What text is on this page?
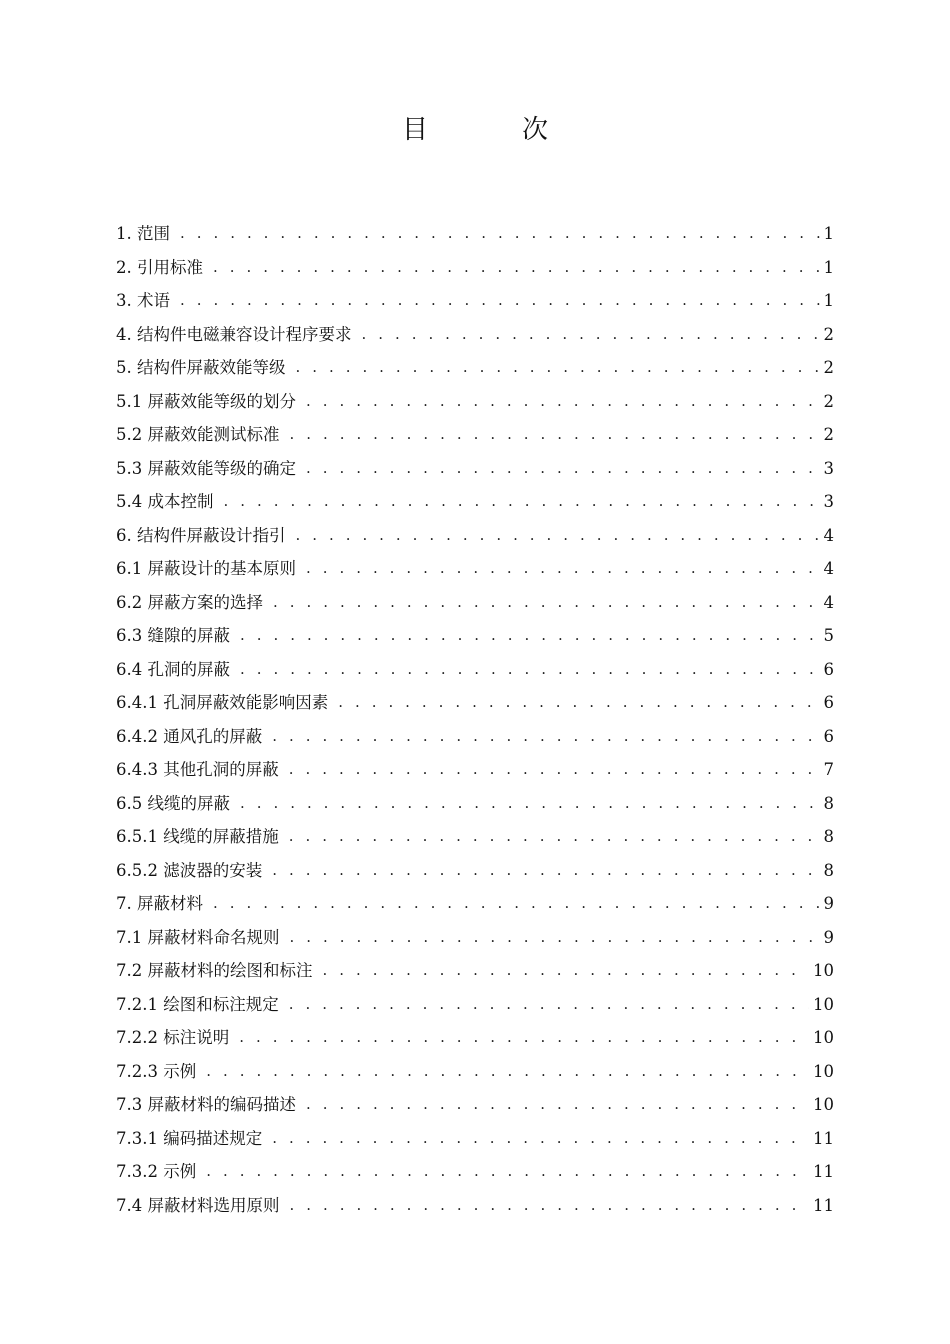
目　次
1. 范围 . . .	1
2. 引用标准 . . .	1
3. 术语 . . .	1
4. 结构件电磁兼容设计程序要求 . . .	2
5. 结构件屏蔽效能等级 . . .	2
5.1 屏蔽效能等级的划分 . . .	2
5.2 屏蔽效能测试标准 . . .	2
5.3 屏蔽效能等级的确定 . . .	3
5.4 成本控制 . . .	3
6. 结构件屏蔽设计指引 . . .	4
6.1 屏蔽设计的基本原则 . . .	4
6.2 屏蔽方案的选择 . . .	4
6.3 缝隙的屏蔽 . . .	5
6.4 孔洞的屏蔽 . . .	6
6.4.1 孔洞屏蔽效能影响因素 . . .	6
6.4.2 通风孔的屏蔽 . . .	6
6.4.3 其他孔洞的屏蔽 . . .	7
6.5 线缆的屏蔽 . . .	8
6.5.1 线缆的屏蔽措施 . . .	8
6.5.2 滤波器的安装 . . .	8
7. 屏蔽材料 . . .	9
7.1 屏蔽材料命名规则 . . .	9
7.2 屏蔽材料的绘图和标注 . . .	10
7.2.1 绘图和标注规定 . . .	10
7.2.2 标注说明 . . .	10
7.2.3 示例 . . .	10
7.3 屏蔽材料的编码描述 . . .	10
7.3.1 编码描述规定 . . .	11
7.3.2 示例 . . .	11
7.4 屏蔽材料选用原则 . . .	11
